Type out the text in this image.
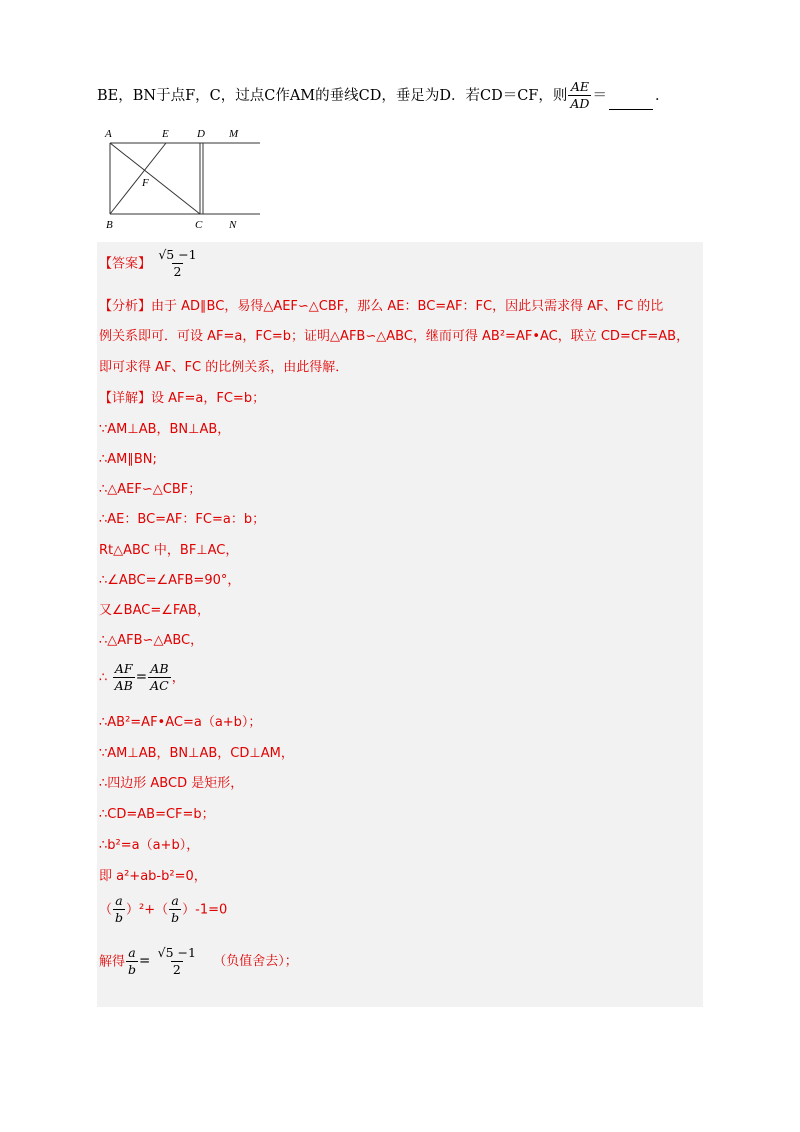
BE，BN于点F，C，过点C作AM的垂线CD，垂足为D．若CD＝CF，则 $\frac{AE}{AD}$ ＝	．
A	E	D M
F
B	C N
【答案】 $\frac{√5 -1}{2}$
【分析】由于 AD∥BC，易得△AEF∽△CBF，那么 AE：BC=AF：FC，因此只需求得 AF、FC 的比
例关系即可．可设 AF=a，FC=b；证明△AFB∽△ABC，继而可得 AB²=AF•AC，联立 CD=CF=AB，
即可求得 AF、FC 的比例关系，由此得解．
【详解】设 AF=a，FC=b；
∵AM⊥AB，BN⊥AB，
∴AM∥BN;
∴△AEF∽△CBF；
∴AE：BC=AF：FC=a：b；
Rt△ABC 中，BF⊥AC，
∴∠ABC=∠AFB=90°，
又∠BAC=∠FAB，
∴△AFB∽△ABC，
∴ $\frac{AF}{AB} = \frac{AB}{AC}$ ，
∴AB²=AF•AC=a（a+b）；
∵AM⊥AB，BN⊥AB，CD⊥AM，
∴四边形 ABCD 是矩形，
∴CD=AB=CF=b；
∴b²=a（a+b），
即 a²+ab-b²=0，
（ $\frac{a}{b} )^2+( \frac{a}{b} )-1=0$
解得 $\frac{a}{b} = \frac{√5 -1}{2}$ （负值舍去）；
